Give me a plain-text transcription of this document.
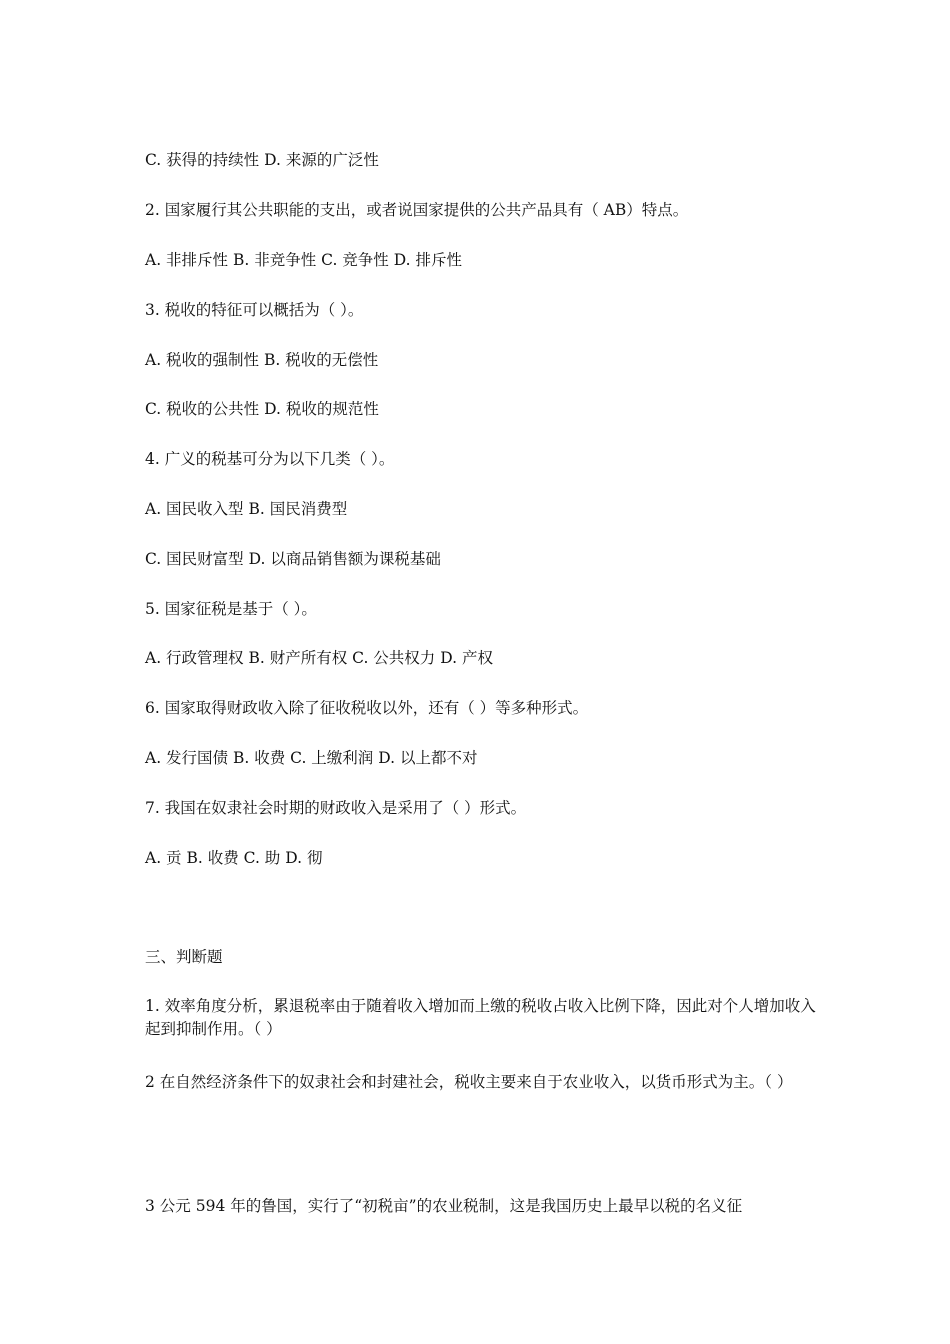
C. 获得的持续性 D. 来源的广泛性
2. 国家履行其公共职能的支出，或者说国家提供的公共产品具有（ AB）特点。
A. 非排斥性 B. 非竞争性 C. 竞争性 D. 排斥性
3. 税收的特征可以概括为（ ）。
A. 税收的强制性 B. 税收的无偿性
C. 税收的公共性 D. 税收的规范性
4. 广义的税基可分为以下几类（ ）。
A. 国民收入型 B. 国民消费型
C. 国民财富型 D. 以商品销售额为课税基础
5. 国家征税是基于（ ）。
A. 行政管理权 B. 财产所有权 C. 公共权力 D. 产权
6. 国家取得财政收入除了征收税收以外，还有（ ）等多种形式。
A. 发行国债 B. 收费 C. 上缴利润 D. 以上都不对
7. 我国在奴隶社会时期的财政收入是采用了（ ）形式。
A. 贡 B. 收费 C. 助 D. 彻
三、判断题
1. 效率角度分析，累退税率由于随着收入增加而上缴的税收占收入比例下降，因此对个人增加收入起到抑制作用。（ ）
2 在自然经济条件下的奴隶社会和封建社会，税收主要来自于农业收入，以货币形式为主。（ ）
3 公元 594 年的鲁国，实行了“初税亩”的农业税制，这是我国历史上最早以税的名义征
